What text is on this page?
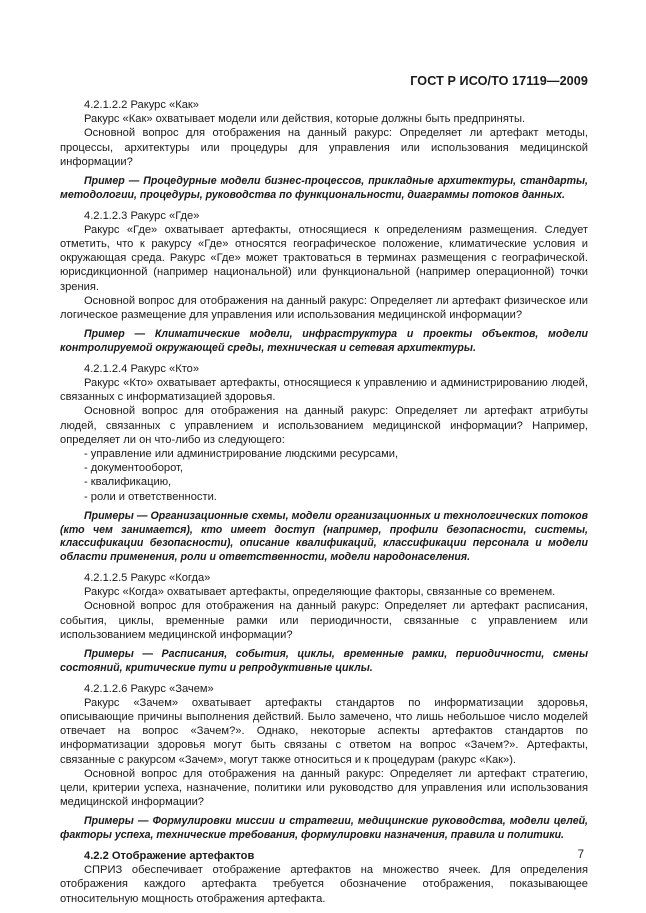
ГОСТ Р ИСО/ТО 17119—2009

4.2.1.2.2 Ракурс «Как»

Ракурс «Как» охватывает модели или действия, которые должны быть предприняты.

Основной вопрос для отображения на данный ракурс: Определяет ли артефакт методы, процессы, архитектуры или процедуры для управления или использования медицинской информации?

Пример — Процедурные модели бизнес-процессов, прикладные архитектуры, стандарты, методологии, процедуры, руководства по функциональности, диаграммы потоков данных.

4.2.1.2.3 Ракурс «Где»

Ракурс «Где» охватывает артефакты, относящиеся к определениям размещения. Следует отметить, что к ракурсу «Где» относятся географическое положение, климатические условия и окружающая среда. Ракурс «Где» может трактоваться в терминах размещения с географической. юрисдикционной (например национальной) или функциональной (например операционной) точки зрения.

Основной вопрос для отображения на данный ракурс: Определяет ли артефакт физическое или логическое размещение для управления или использования медицинской информации?

Пример — Климатические модели, инфраструктура и проекты объектов, модели контролируемой окружающей среды, техническая и сетевая архитектуры.

4.2.1.2.4 Ракурс «Кто»

Ракурс «Кто» охватывает артефакты, относящиеся к управлению и администрированию людей, связанных с информатизацией здоровья.

Основной вопрос для отображения на данный ракурс: Определяет ли артефакт атрибуты людей, связанных с управлением и использованием медицинской информации? Например, определяет ли он что-либо из следующего:

- управление или администрирование людскими ресурсами,

- документооборот,

- квалификацию,

- роли и ответственности.

Примеры — Организационные схемы, модели организационных и технологических потоков (кто чем занимается), кто имеет доступ (например, профили безопасности, системы, классификации безопасности), описание квалификаций, классификации персонала и модели области применения, роли и ответственности, модели народонаселения.

4.2.1.2.5 Ракурс «Когда»

Ракурс «Когда» охватывает артефакты, определяющие факторы, связанные со временем.

Основной вопрос для отображения на данный ракурс: Определяет ли артефакт расписания, события, циклы, временные рамки или периодичности, связанные с управлением или использованием медицинской информации?

Примеры — Расписания, события, циклы, временные рамки, периодичности, смены состояний, критические пути и репродуктивные циклы.

4.2.1.2.6 Ракурс «Зачем»

Ракурс «Зачем» охватывает артефакты стандартов по информатизации здоровья, описывающие причины выполнения действий. Было замечено, что лишь небольшое число моделей отвечает на вопрос «Зачем?». Однако, некоторые аспекты артефактов стандартов по информатизации здоровья могут быть связаны с ответом на вопрос «Зачем?». Артефакты, связанные с ракурсом «Зачем», могут также относиться и к процедурам (ракурс «Как»).

Основной вопрос для отображения на данный ракурс: Определяет ли артефакт стратегию, цели, критерии успеха, назначение, политики или руководство для управления или использования медицинской информации?

Примеры — Формулировки миссии и стратегии, медицинские руководства, модели целей, факторы успеха, технические требования, формулировки назначения, правила и политики.

4.2.2 Отображение артефактов

СПРИЗ обеспечивает отображение артефактов на множество ячеек. Для определения отображения каждого артефакта требуется обозначение отображения, показывающее относительную мощность отображения артефакта.

7
